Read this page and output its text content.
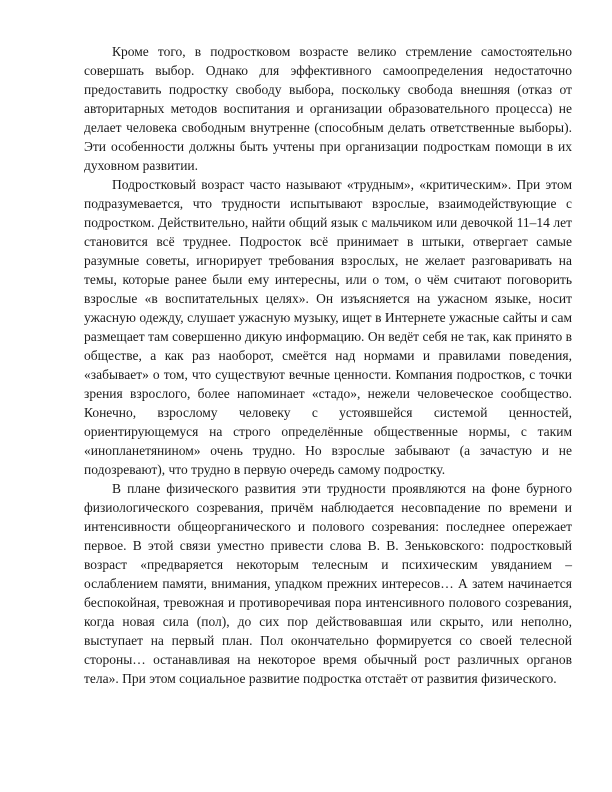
Кроме того, в подростковом возрасте велико стремление самостоятельно совершать выбор. Однако для эффективного самоопределения недостаточно предоставить подростку свободу выбора, поскольку свобода внешняя (отказ от авторитарных методов воспитания и организации образовательного процесса) не делает человека свободным внутренне (способным делать ответственные выборы). Эти особенности должны быть учтены при организации подросткам помощи в их духовном развитии.

Подростковый возраст часто называют «трудным», «критическим». При этом подразумевается, что трудности испытывают взрослые, взаимодействующие с подростком. Действительно, найти общий язык с мальчиком или девочкой 11–14 лет становится всё труднее. Подросток всё принимает в штыки, отвергает самые разумные советы, игнорирует требования взрослых, не желает разговаривать на темы, которые ранее были ему интересны, или о том, о чём считают поговорить взрослые «в воспитательных целях». Он изъясняется на ужасном языке, носит ужасную одежду, слушает ужасную музыку, ищет в Интернете ужасные сайты и сам размещает там совершенно дикую информацию. Он ведёт себя не так, как принято в обществе, а как раз наоборот, смеётся над нормами и правилами поведения, «забывает» о том, что существуют вечные ценности. Компания подростков, с точки зрения взрослого, более напоминает «стадо», нежели человеческое сообщество. Конечно, взрослому человеку с устоявшейся системой ценностей, ориентирующемуся на строго определённые общественные нормы, с таким «инопланетянином» очень трудно. Но взрослые забывают (а зачастую и не подозревают), что трудно в первую очередь самому подростку.

В плане физического развития эти трудности проявляются на фоне бурного физиологического созревания, причём наблюдается несовпадение по времени и интенсивности общеорганического и полового созревания: последнее опережает первое. В этой связи уместно привести слова В. В. Зеньковского: подростковый возраст «предваряется некоторым телесным и психическим увяданием – ослаблением памяти, внимания, упадком прежних интересов… А затем начинается беспокойная, тревожная и противоречивая пора интенсивного полового созревания, когда новая сила (пол), до сих пор действовавшая или скрыто, или неполно, выступает на первый план. Пол окончательно формируется со своей телесной стороны… останавливая на некоторое время обычный рост различных органов тела». При этом социальное развитие подростка отстаёт от развития физического.
